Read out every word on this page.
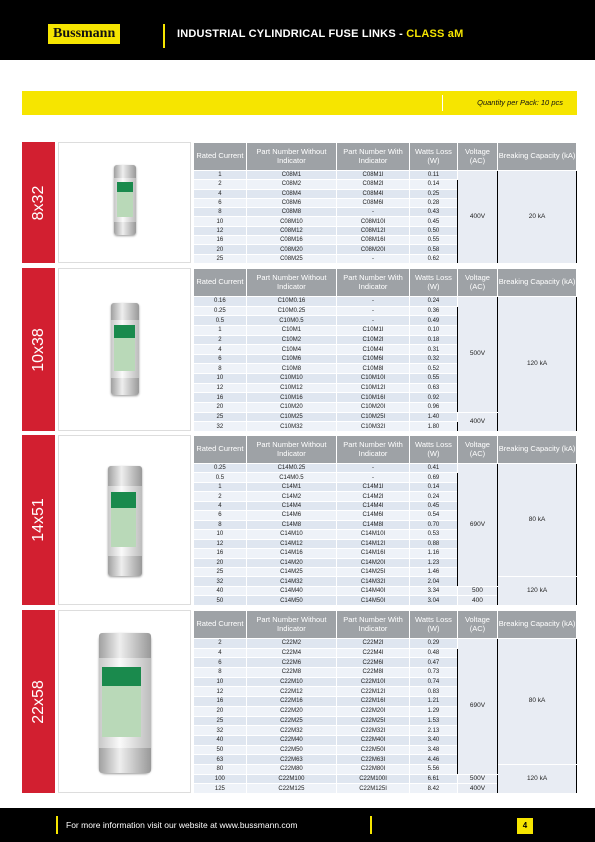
Bussmann	INDUSTRIAL CYLINDRICAL FUSE LINKS - CLASS aM
Quantity per Pack: 10 pcs
8x32
Rated Current	Part Number Without Indicator	Part Number With Indicator	Watts Loss (W)	Voltage (AC)	Breaking Capacity (kA)
1	C08M1	C08M1I	0.11	400V	20 kA
2	C08M2	C08M2I	0.14		
4	C08M4	C08M4I	0.25		
6	C08M6	C08M6I	0.28		
8	C08M8	-	0.43		
10	C08M10	C08M10I	0.45		
12	C08M12	C08M12I	0.50		
16	C08M16	C08M16I	0.55		
20	C08M20	C08M20I	0.58		
25	C08M25	-	0.62		
10x38
Rated Current	Part Number Without Indicator	Part Number With Indicator	Watts Loss (W)	Voltage (AC)	Breaking Capacity (kA)
0.16	C10M0.16	-	0.24	500V	120 kA
0.25	C10M0.25	-	0.36		
0.5	C10M0.5	-	0.49		
1	C10M1	C10M1I	0.10		
2	C10M2	C10M2I	0.18		
4	C10M4	C10M4I	0.31		
6	C10M6	C10M6I	0.32		
8	C10M8	C10M8I	0.52		
10	C10M10	C10M10I	0.55		
12	C10M12	C10M12I	0.63		
16	C10M16	C10M16I	0.92		
20	C10M20	C10M20I	0.96		
25	C10M25	C10M25I	1.40	400V	
32	C10M32	C10M32I	1.80		
14x51
Rated Current	Part Number Without Indicator	Part Number With Indicator	Watts Loss (W)	Voltage (AC)	Breaking Capacity (kA)
0.25	C14M0.25	-	0.41	690V	80 kA
0.5	C14M0.5	-	0.69		
1	C14M1	C14M1I	0.14		
2	C14M2	C14M2I	0.24		
4	C14M4	C14M4I	0.45		
6	C14M6	C14M6I	0.54		
8	C14M8	C14M8I	0.70		
10	C14M10	C14M10I	0.53		
12	C14M12	C14M12I	0.88		
16	C14M16	C14M16I	1.16		
20	C14M20	C14M20I	1.23		
25	C14M25	C14M25I	1.46		
32	C14M32	C14M32I	2.04		120 kA
40	C14M40	C14M40I	3.34	500	
50	C14M50	C14M50I	3.04	400	
22x58
Rated Current	Part Number Without Indicator	Part Number With Indicator	Watts Loss (W)	Voltage (AC)	Breaking Capacity (kA)
2	C22M2	C22M2I	0.29	690V	80 kA
4	C22M4	C22M4I	0.48		
6	C22M6	C22M6I	0.47		
8	C22M8	C22M8I	0.73		
10	C22M10	C22M10I	0.74		
12	C22M12	C22M12I	0.83		
16	C22M16	C22M16I	1.21		
20	C22M20	C22M20I	1.29		
25	C22M25	C22M25I	1.53		
32	C22M32	C22M32I	2.13		
40	C22M40	C22M40I	3.40		
50	C22M50	C22M50I	3.48		
63	C22M63	C22M63I	4.46		
80	C22M80	C22M80I	5.56		120 kA
100	C22M100	C22M100I	6.61	500V	
125	C22M125	C22M125I	8.42	400V	
For more information visit our website at www.bussmann.com	4
